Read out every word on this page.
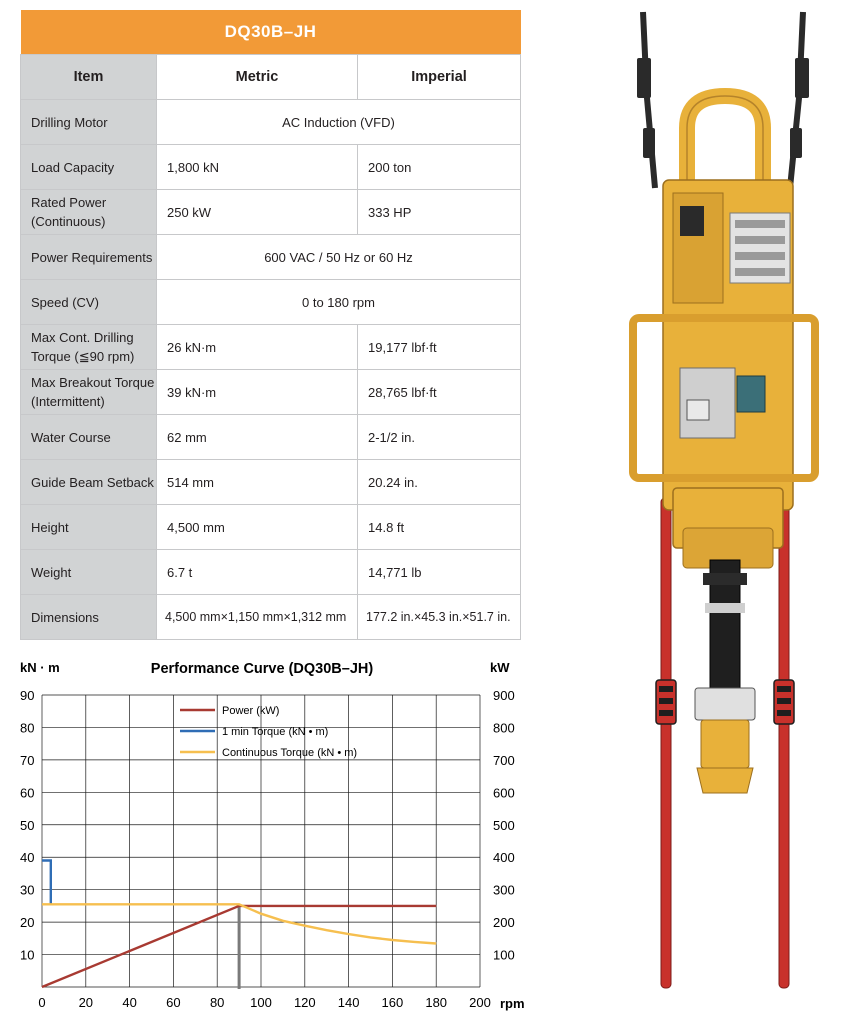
DQ30B–JH		
Item	Metric	Imperial
Drilling Motor	AC Induction (VFD)	
Load Capacity	1,800 kN	200 ton
Rated Power
(Continuous)	250 kW	333 HP
Power Requirements	600 VAC / 50 Hz or 60 Hz	
Speed (CV)	0 to 180 rpm	
Max Cont. Drilling
Torque (≦90 rpm)	26 kN·m	19,177 lbf·ft
Max Breakout Torque
(Intermittent)	39 kN·m	28,765 lbf·ft
Water Course	62 mm	2-1/2 in.
Guide Beam Setback	514 mm	20.24 in.
Height	4,500 mm	14.8 ft
Weight	6.7 t	14,771 lb
Dimensions	4,500 mm×1,150 mm×1,312 mm	177.2 in.×45.3 in.×51.7 in.
kN · m	Performance Curve (DQ30B–JH)	kW
0	20 40 60 80 100 120 140 160 180 200
10
20
30
40
50
60
70
80
90
100
200
300
400
500
600
700
800
900
Power (kW)
1 min Torque (kN • m)
Continuous Torque (kN • m)
rpm
